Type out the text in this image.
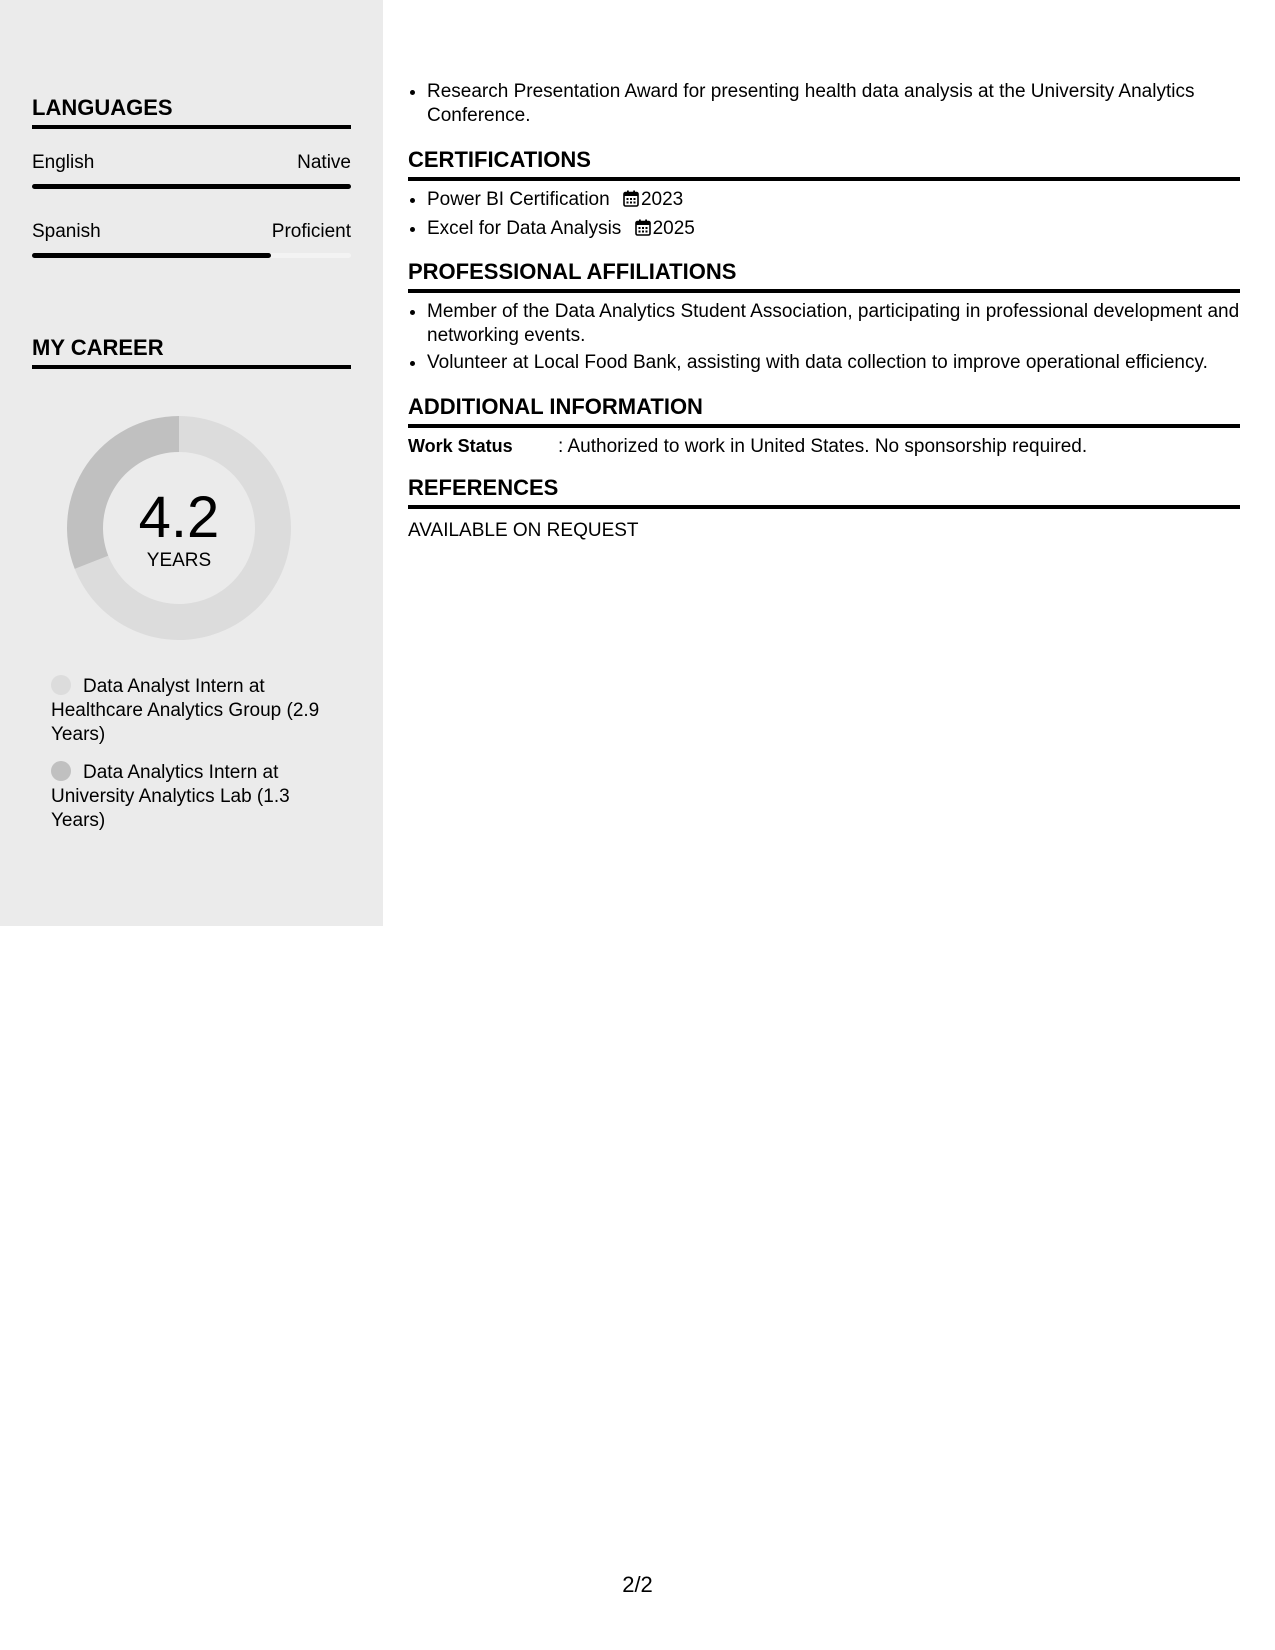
LANGUAGES
English	Native
Spanish	Proficient
MY CAREER
4.2
YEARS
Data Analyst Intern at Healthcare Analytics Group (2.9 Years)
Data Analytics Intern at University Analytics Lab (1.3 Years)
• Research Presentation Award for presenting health data analysis at the University Analytics Conference.
CERTIFICATIONS
• Power BI Certification 2023
• Excel for Data Analysis 2025
PROFESSIONAL AFFILIATIONS
• Member of the Data Analytics Student Association, participating in professional development and networking events.
• Volunteer at Local Food Bank, assisting with data collection to improve operational efficiency.
ADDITIONAL INFORMATION
Work Status : Authorized to work in United States. No sponsorship required.
REFERENCES
AVAILABLE ON REQUEST
2/2
